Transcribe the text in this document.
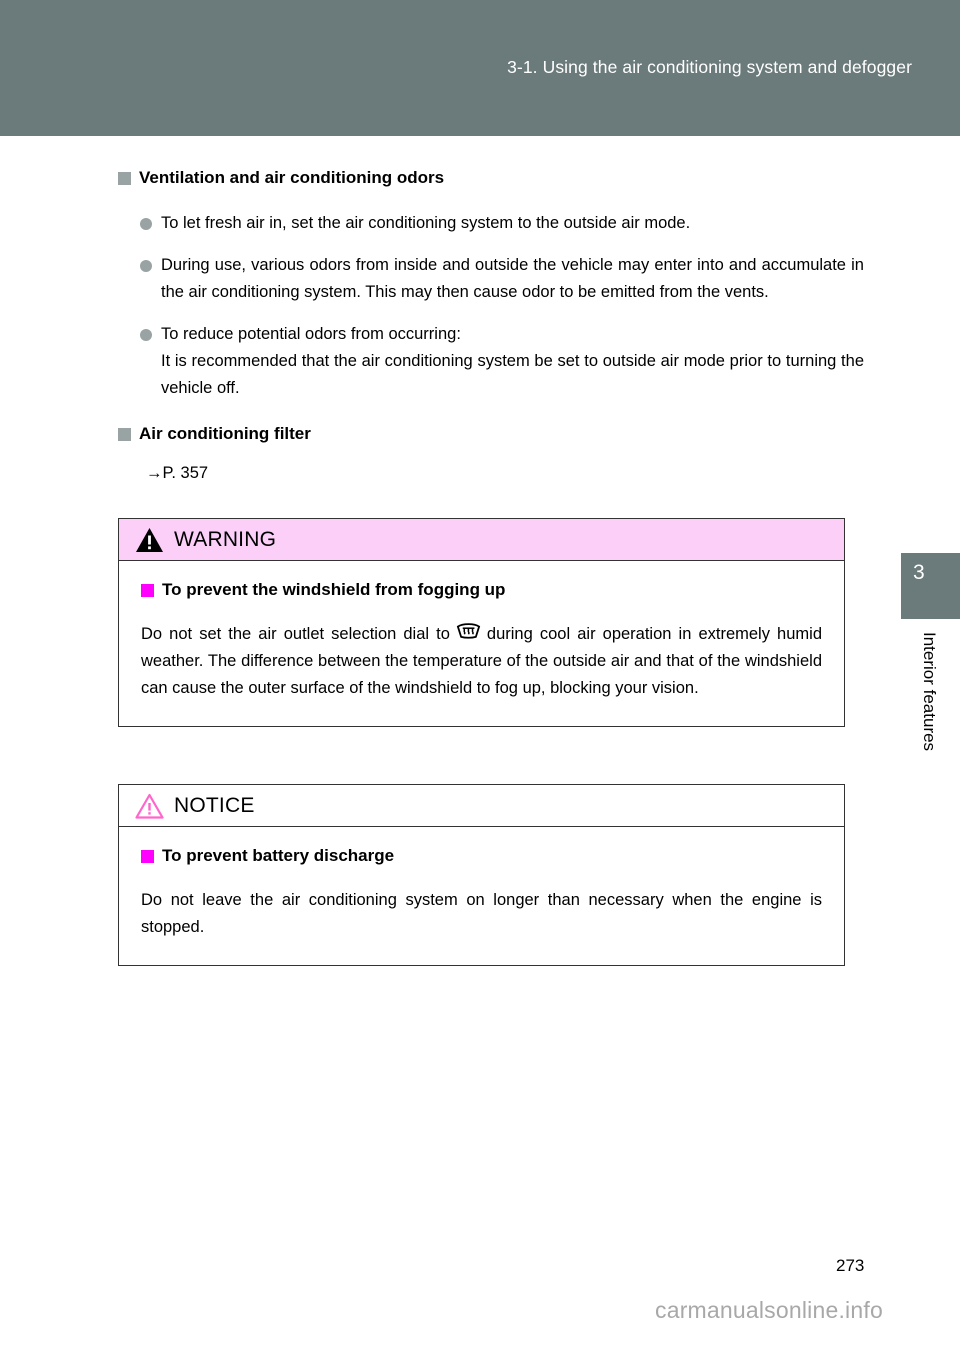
3-1. Using the air conditioning system and defogger
3
Interior features
Ventilation and air conditioning odors
To let fresh air in, set the air conditioning system to the outside air mode.
During use, various odors from inside and outside the vehicle may enter into and accumulate in the air conditioning system. This may then cause odor to be emitted from the vents.
To reduce potential odors from occurring:
It is recommended that the air conditioning system be set to outside air mode prior to turning the vehicle off.
Air conditioning filter
→P. 357
WARNING
To prevent the windshield from fogging up

Do not set the air outlet selection dial to during cool air operation in extremely humid weather. The difference between the temperature of the outside air and that of the windshield can cause the outer surface of the windshield to fog up, blocking your vision.

NOTICE
To prevent battery discharge

Do not leave the air conditioning system on longer than necessary when the engine is stopped.

273
carmanualsonline.info
